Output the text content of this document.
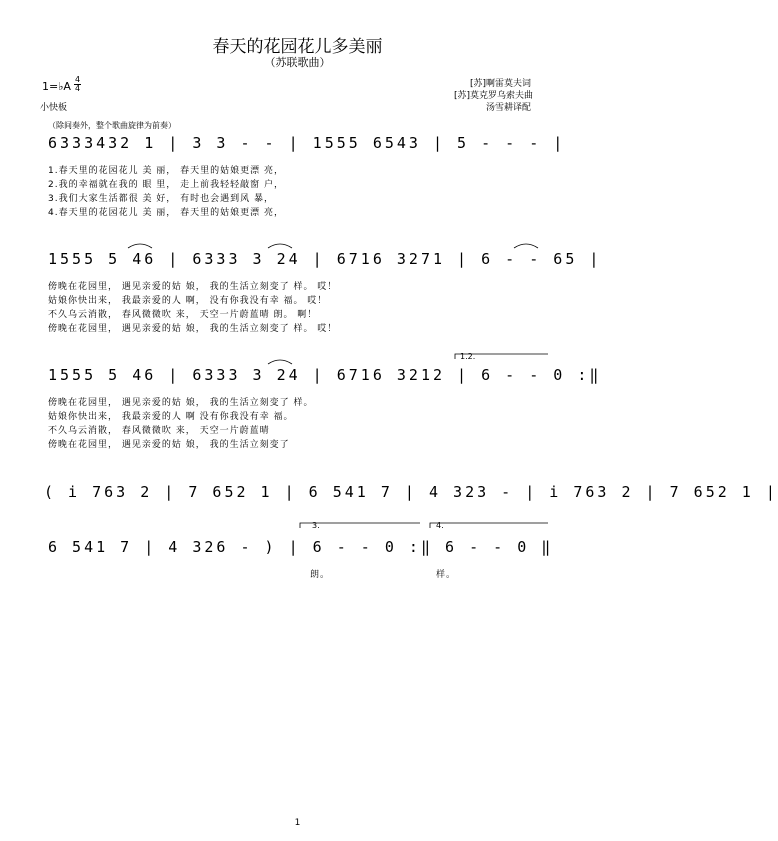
春天的花园花儿多美丽
（苏联歌曲）
1=♭A
4
4
小快板
[苏]啊雷莫夫词
[苏]莫克罗乌索夫曲
汤雪耕译配
（除间奏外，整个歌曲旋律为前奏）
6333432 1 | 3 3 - - | 1555 6543 | 5 - - - |
1.春天里的花园花儿 美 丽， 春天里的姑娘更漂 亮，
2.我的幸福就在我的 眼 里， 走上前我轻轻敲窗 户，
3.我们大家生活都很 美 好， 有时也会遇到风 暴，
4.春天里的花园花儿 美 丽， 春天里的姑娘更漂 亮，
1555 5 46 | 6333 3 24 | 6716 3271 | 6 - - 65 |
傍晚在花园里， 遇见亲爱的姑 娘， 我的生活立刻变了 样。 哎！
姑娘你快出来， 我最亲爱的人 啊， 没有你我没有幸 福。 哎！
不久乌云消散， 春风微微吹 来， 天空一片蔚蓝晴 朗。 啊！
傍晚在花园里， 遇见亲爱的姑 娘， 我的生活立刻变了 样。 哎！
1.2.
1555 5 46 | 6333 3 24 | 6716 3212 | 6 - - 0 :‖
傍晚在花园里， 遇见亲爱的姑 娘， 我的生活立刻变了 样。
姑娘你快出来， 我最亲爱的人 啊 没有你我没有幸 福。
不久乌云消散， 春风微微吹 来， 天空一片蔚蓝晴
傍晚在花园里， 遇见亲爱的姑 娘， 我的生活立刻变了
( i 763 2 | 7 652 1 | 6 541 7 | 4 323 - | i 763 2 | 7 652 1 |
3.	4.
6 541 7 | 4 326 - ) | 6 - - 0 :‖ 6 - - 0 ‖
朗。	样。
1
